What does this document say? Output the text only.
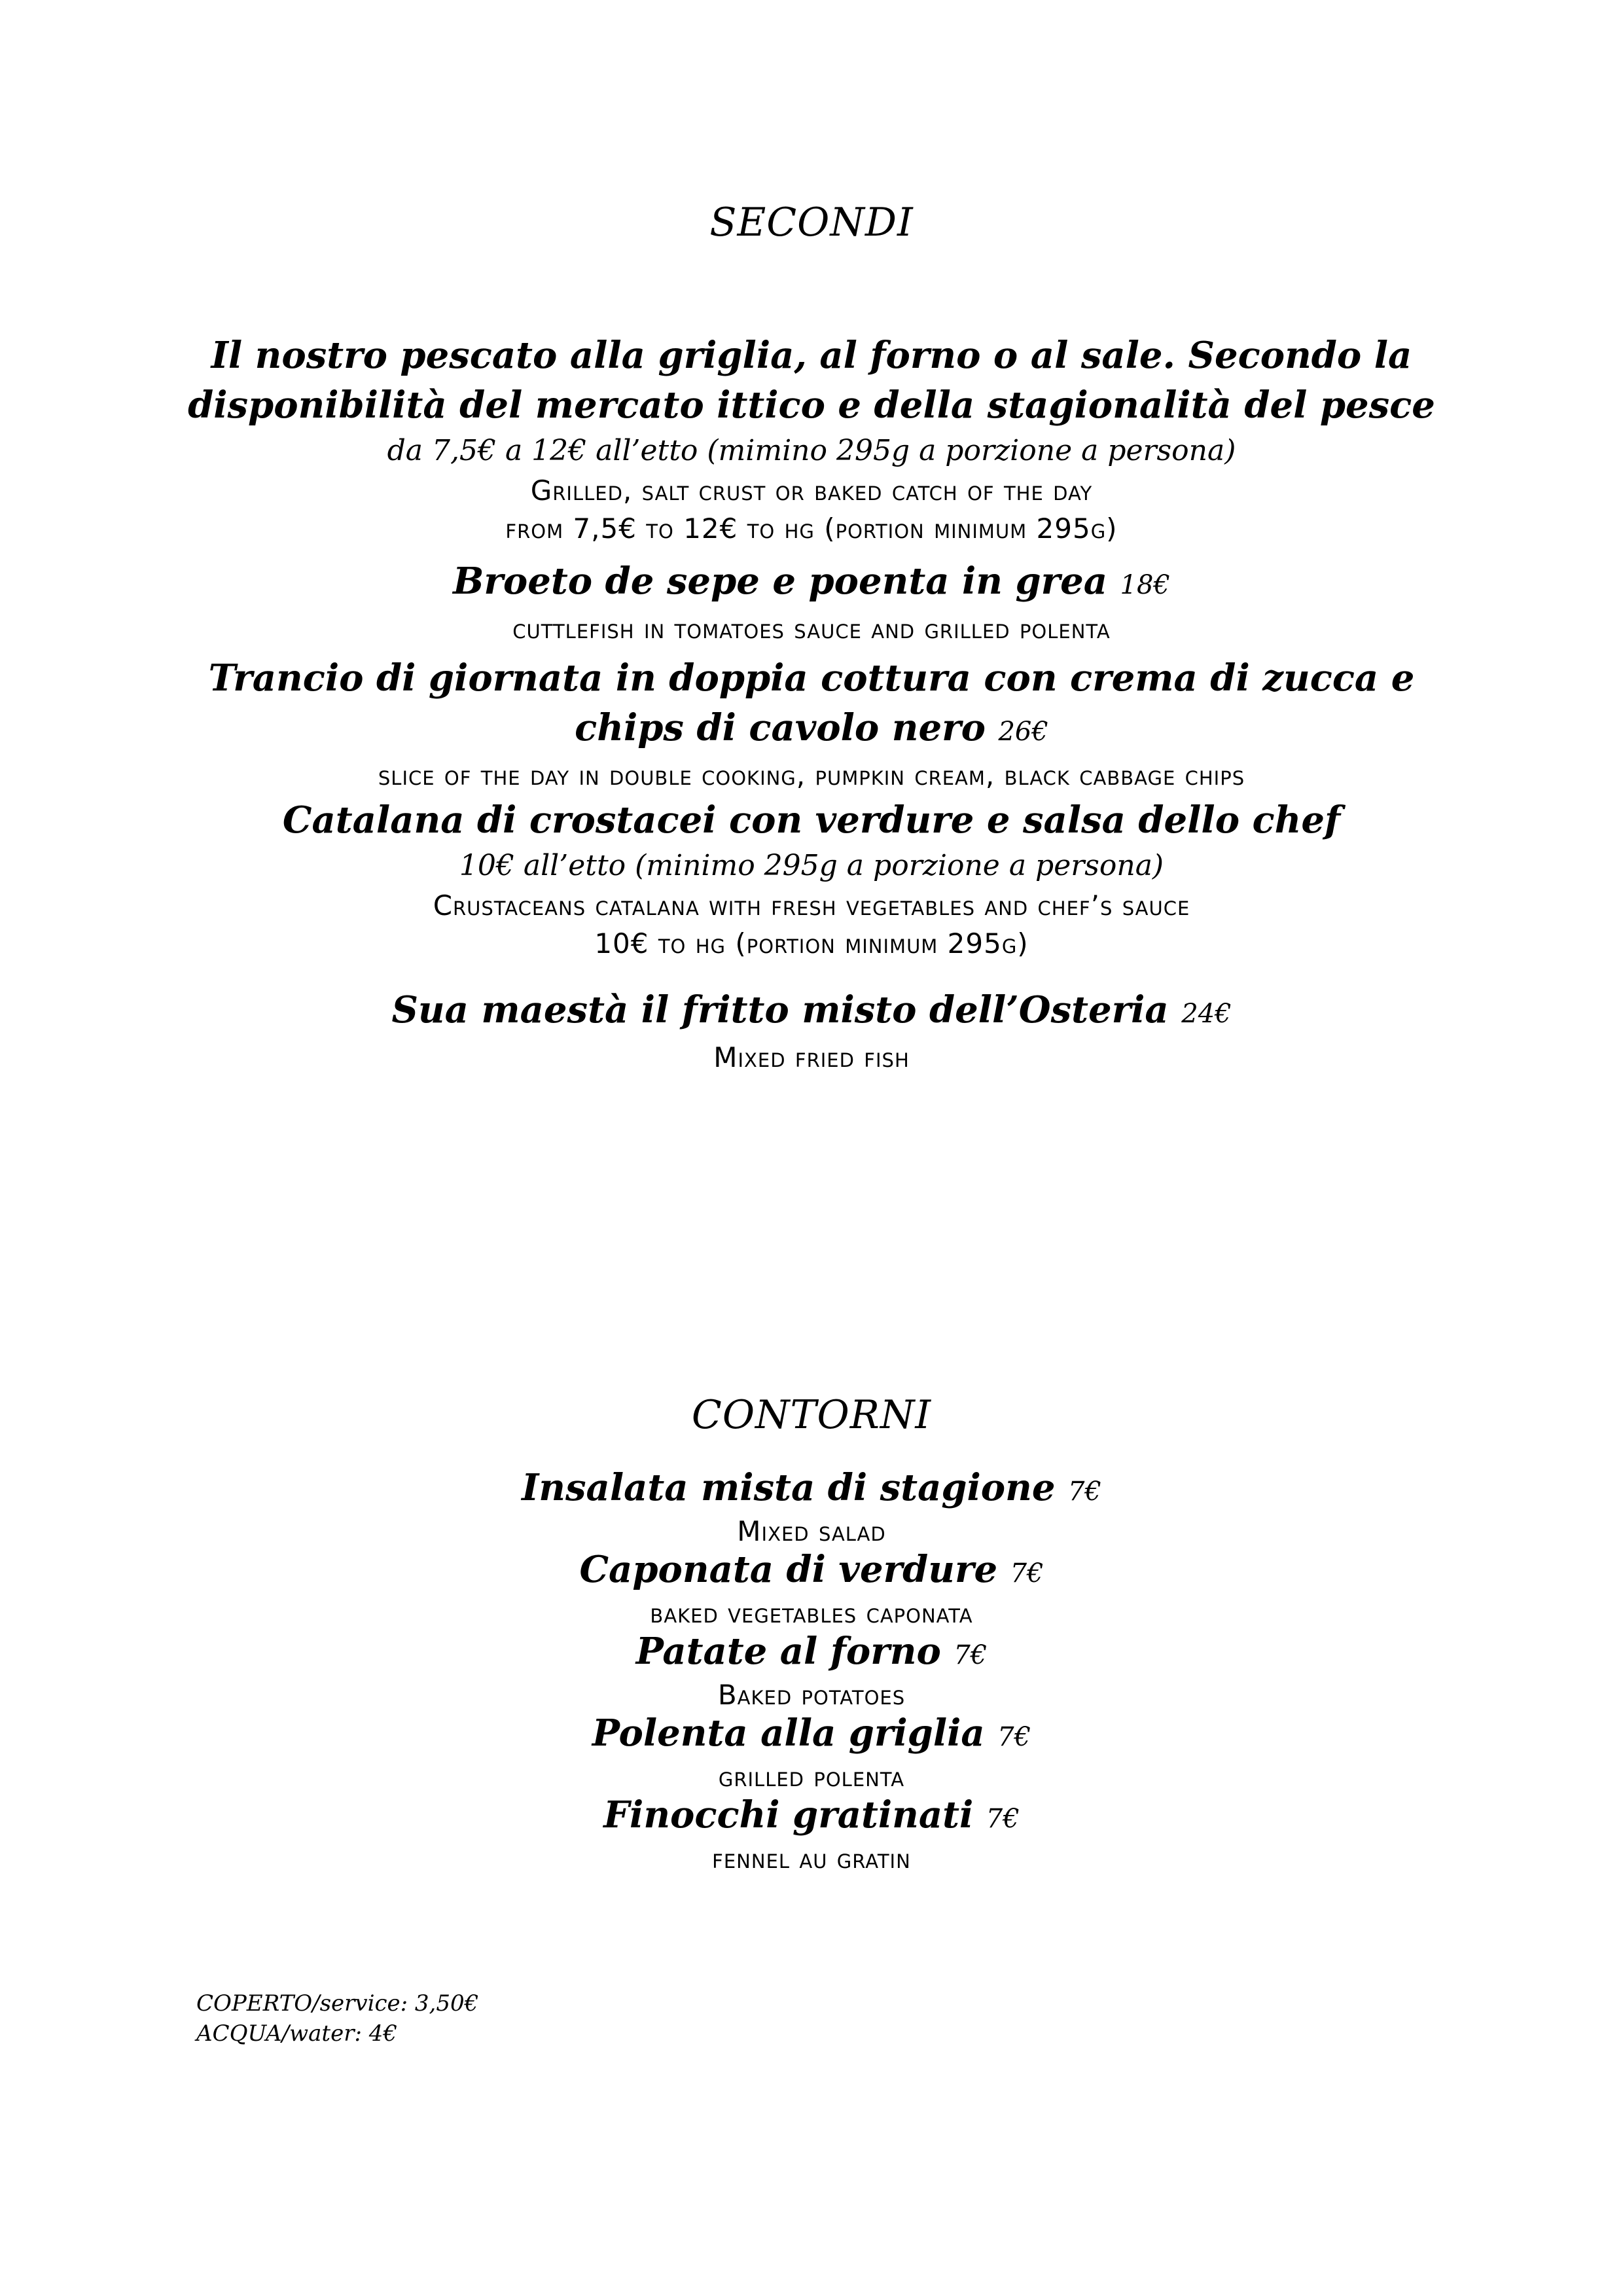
SECONDI

Il nostro pescato alla griglia, al forno o al sale. Secondo la

disponibilità del mercato ittico e della stagionalità del pesce

da 7,5€ a 12€ all’etto (mimino 295g a porzione a persona)

Grilled, salt crust or baked catch of the day

from 7,5€ to 12€ to hg (portion minimum 295g)

Broeto de sepe e poenta in grea 18€

cuttlefish in tomatoes sauce and grilled polenta

Trancio di giornata in doppia cottura con crema di zucca e

chips di cavolo nero 26€

slice of the day in double cooking, pumpkin cream, black cabbage chips

Catalana di crostacei con verdure e salsa dello chef

10€ all’etto (minimo 295g a porzione a persona)

Crustaceans catalana with fresh vegetables and chef’s sauce

10€ to hg (portion minimum 295g)

Sua maestà il fritto misto dell’Osteria 24€

Mixed fried fish

CONTORNI

Insalata mista di stagione 7€

Mixed salad

Caponata di verdure 7€

baked vegetables caponata

Patate al forno 7€

Baked potatoes

Polenta alla griglia 7€

grilled polenta

Finocchi gratinati 7€

fennel au gratin

COPERTO/service: 3,50€
ACQUA/water: 4€
